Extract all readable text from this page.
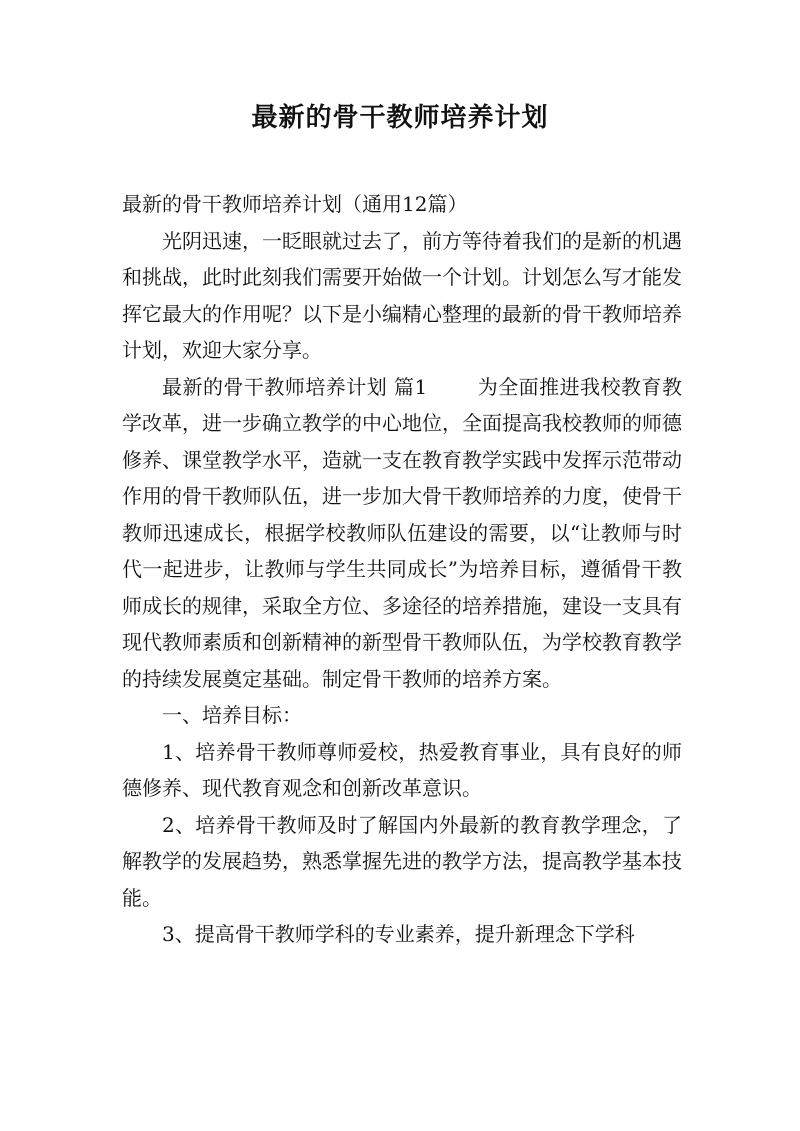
最新的骨干教师培养计划

最新的骨干教师培养计划（通用12篇）

光阴迅速，一眨眼就过去了，前方等待着我们的是新的机遇和挑战，此时此刻我们需要开始做一个计划。计划怎么写才能发挥它最大的作用呢？以下是小编精心整理的最新的骨干教师培养计划，欢迎大家分享。

最新的骨干教师培养计划 篇1	为全面推进我校教育教学改革，进一步确立教学的中心地位，全面提高我校教师的师德修养、课堂教学水平，造就一支在教育教学实践中发挥示范带动作用的骨干教师队伍，进一步加大骨干教师培养的力度，使骨干教师迅速成长，根据学校教师队伍建设的需要，以“让教师与时代一起进步，让教师与学生共同成长”为培养目标，遵循骨干教师成长的规律，采取全方位、多途径的培养措施，建设一支具有现代教师素质和创新精神的新型骨干教师队伍，为学校教育教学的持续发展奠定基础。制定骨干教师的培养方案。

一、培养目标：

1、培养骨干教师尊师爱校，热爱教育事业，具有良好的师德修养、现代教育观念和创新改革意识。

2、培养骨干教师及时了解国内外最新的教育教学理念，了解教学的发展趋势，熟悉掌握先进的教学方法，提高教学基本技能。

3、提高骨干教师学科的专业素养，提升新理念下学科
